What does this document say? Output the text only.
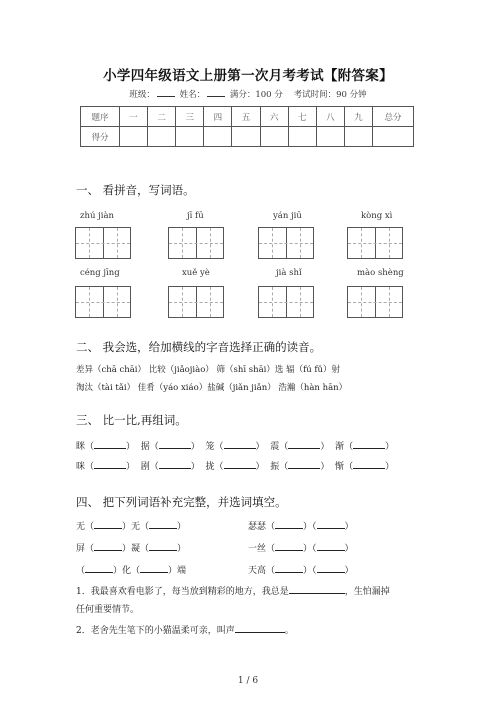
小学四年级语文上册第一次月考考试【附答案】
班级：	姓名：	满分：100 分 考试时间：90 分钟
题序	一	二	三	四	五	六	七	八	九	总分
得分										
一、 看拼音，写词语。
zhú jiàn	jī fū	yán jiū	kòng xì
céng jīng	xuě yè	jià shǐ	mào shèng
二、 我会选，给加横线的字音选择正确的读音。
差异（chā chāi） 比较（jiǎojiào） 筛（shī shāi）选 辐（fú fǔ）射
淘汰（tài tǎi） 佳肴（yáo xiáo）盐碱（jiǎn jiǎn） 浩瀚（hàn hān）
三、 比一比,再组词。
眯（	） 据（	） 笼（	） 震（	） 渐（	）
咪（	） 剧（	） 拢（	） 振（	） 惭（	）
四、 把下列词语补充完整，并选词填空。
无（	）无（	）	瑟瑟（	）（	）
屏（	）凝（	）	一丝（	）（	）
（	）化（	）端	天高（	）（	）
1．我最喜欢看电影了，每当放到精彩的地方，我总是	，生怕漏掉
任何重要情节。
2．老舍先生笔下的小猫温柔可亲，叫声	。
1 / 6
